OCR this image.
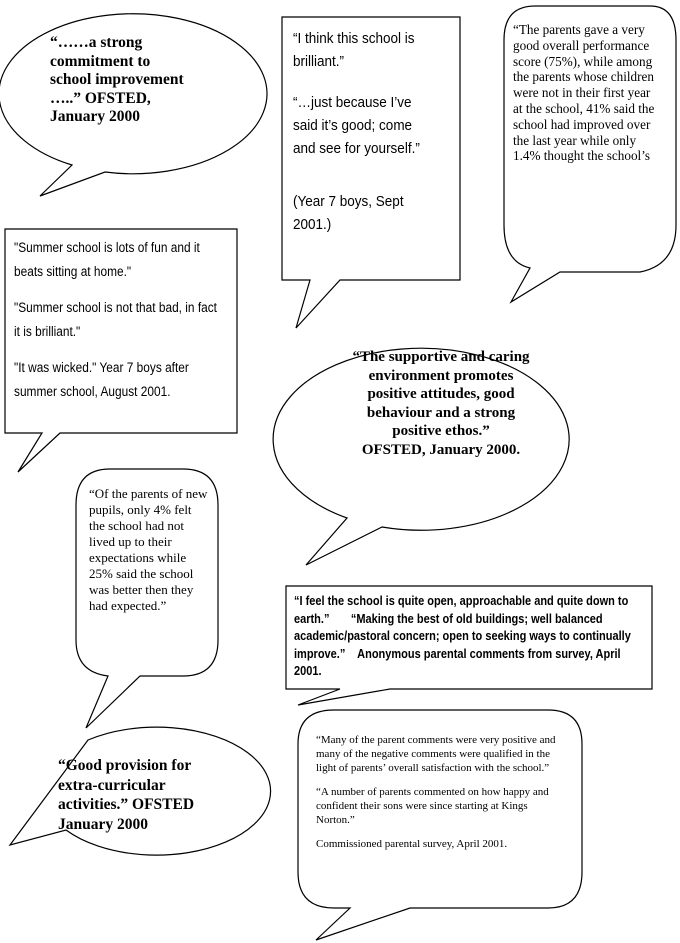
“……a strong
commitment to
school improvement
…..” OFSTED,
January 2000

“I think this school is brilliant.”

“…just because I’ve said it’s good; come and see for yourself.”

(Year 7 boys, Sept 2001.)

“The parents gave a very good overall performance score (75%), while among the parents whose children were not in their first year at the school, 41% said the school had improved over the last year while only 1.4% thought the school’s

"Summer school is lots of fun and it beats sitting at home."

"Summer school is not that bad, in fact it is brilliant."

"It was wicked." Year 7 boys after summer school, August 2001.

“The supportive and caring environment promotes positive attitudes, good behaviour and a strong positive ethos.”

OFSTED, January 2000.

“Of the parents of new pupils, only 4% felt the school had not lived up to their expectations while 25% said the school was better then they had expected.”	“I feel the school is quite open, approachable and quite down to earth.”       “Making the best of old buildings; well balanced academic/pastoral concern; open to seeking ways to continually improve.”    Anonymous parental comments from survey, April 2001.

“Good provision for
extra-curricular
activities.” OFSTED
January 2000

“Many of the parent comments were very positive and many of the negative comments were qualified in the light of parents’ overall satisfaction with the school.”

“A number of parents commented on how happy and confident their sons were since starting at Kings Norton.”

Commissioned parental survey, April 2001.
